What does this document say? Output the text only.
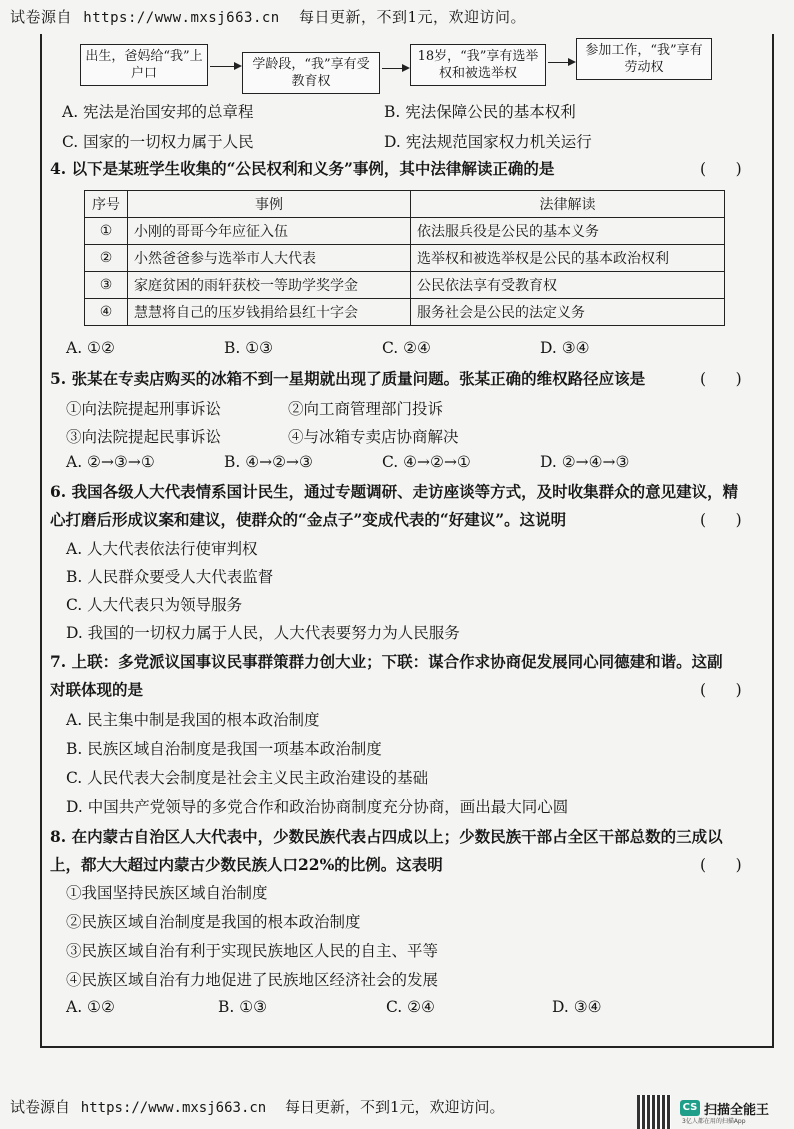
试卷源自 https://www.mxsj663.cn 每日更新，不到1元，欢迎访问。
出生，爸妈给“我”上户口
学龄段，“我”享有受教育权
18岁，“我”享有选举权和被选举权
参加工作，“我”享有劳动权
A. 宪法是治国安邦的总章程	B. 宪法保障公民的基本权利
C. 国家的一切权力属于人民	D. 宪法规范国家权力机关运行
4. 以下是某班学生收集的“公民权利和义务”事例，其中法律解读正确的是	(      )
序号	事例	法律解读
①	小刚的哥哥今年应征入伍	依法服兵役是公民的基本义务
②	小然爸爸参与选举市人大代表	选举权和被选举权是公民的基本政治权利
③	家庭贫困的雨轩获校一等助学奖学金	公民依法享有受教育权
④	慧慧将自己的压岁钱捐给县红十字会	服务社会是公民的法定义务
A. ①②	B. ①③	C. ②④	D. ③④
5. 张某在专卖店购买的冰箱不到一星期就出现了质量问题。张某正确的维权路径应该是	(      )
①向法院提起刑事诉讼	②向工商管理部门投诉
③向法院提起民事诉讼	④与冰箱专卖店协商解决
A. ②→③→①	B. ④→②→③	C. ④→②→①	D. ②→④→③
6. 我国各级人大代表情系国计民生，通过专题调研、走访座谈等方式，及时收集群众的意见建议，精
心打磨后形成议案和建议，使群众的“金点子”变成代表的“好建议”。这说明	(      )
A. 人大代表依法行使审判权
B. 人民群众要受人大代表监督
C. 人大代表只为领导服务
D. 我国的一切权力属于人民，人大代表要努力为人民服务
7. 上联：多党派议国事议民事群策群力创大业；下联：谋合作求协商促发展同心同德建和谐。这副
对联体现的是	(      )
A. 民主集中制是我国的根本政治制度
B. 民族区域自治制度是我国一项基本政治制度
C. 人民代表大会制度是社会主义民主政治建设的基础
D. 中国共产党领导的多党合作和政治协商制度充分协商，画出最大同心圆
8. 在内蒙古自治区人大代表中，少数民族代表占四成以上；少数民族干部占全区干部总数的三成以
上，都大大超过内蒙古少数民族人口22%的比例。这表明	(      )
①我国坚持民族区域自治制度
②民族区域自治制度是我国的根本政治制度
③民族区域自治有利于实现民族地区人民的自主、平等
④民族区域自治有力地促进了民族地区经济社会的发展
A. ①②	B. ①③	C. ②④	D. ③④
试卷源自 https://www.mxsj663.cn 每日更新，不到1元，欢迎访问。	CS 扫描全能王
3亿人都在用的扫描App
